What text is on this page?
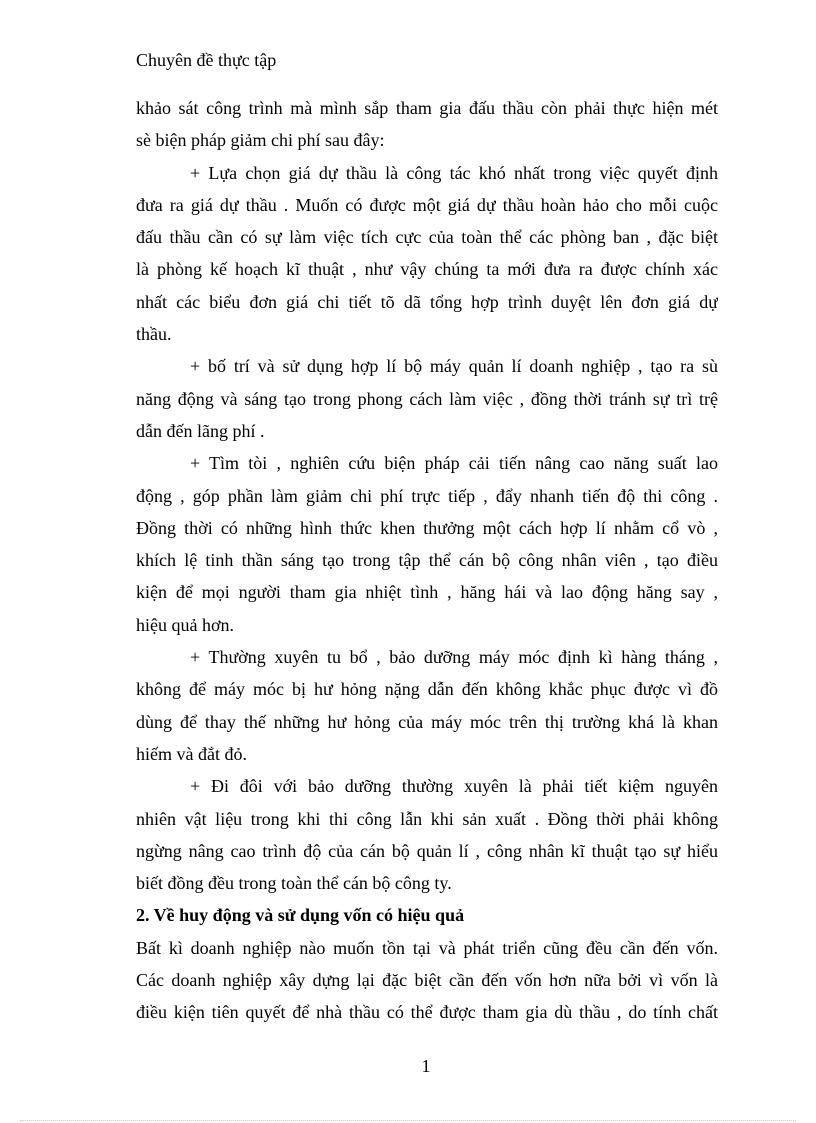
Chuyên đề thực tập
khảo sát công trình mà mình sắp tham gia đấu thầu còn phải thực hiện mét
sè biện pháp giảm chi phí sau đây:
+ Lựa chọn giá dự thầu là công tác khó nhất trong việc quyết định
đưa ra giá dự thầu . Muốn có được một giá dự thầu hoàn hảo cho mỗi cuộc
đấu thầu cần có sự làm việc tích cực của toàn thể các phòng ban , đặc biệt
là phòng kế hoạch kĩ thuật , như vậy chúng ta mới đưa ra được chính xác
nhất các biểu đơn giá chi tiết tõ dã tổng hợp trình duyệt lên đơn giá dự
thầu.
+ bố trí và sử dụng hợp lí bộ máy quản lí doanh nghiệp , tạo ra sù
năng động và sáng tạo trong phong cách làm việc , đồng thời tránh sự trì trệ
dẫn đến lãng phí .
+ Tìm tòi , nghiên cứu biện pháp cải tiến nâng cao năng suất lao
động , góp phần làm giảm chi phí trực tiếp , đẩy nhanh tiến độ thi công .
Đồng thời có những hình thức khen thưởng một cách hợp lí nhằm cổ vò ,
khích lệ tinh thần sáng tạo trong tập thể cán bộ công nhân viên , tạo điều
kiện để mọi người tham gia nhiệt tình , hăng hái và lao động hăng say ,
hiệu quả hơn.
+ Thường xuyên tu bổ , bảo dưỡng máy móc định kì hàng tháng ,
không để máy móc bị hư hỏng nặng dẫn đến không khắc phục được vì đồ
dùng để thay thế những hư hỏng của máy móc trên thị trường khá là khan
hiếm và đắt đỏ.
+ Đi đôi với bảo dưỡng thường xuyên là phải tiết kiệm nguyên
nhiên vật liệu trong khi thi công lẫn khi sản xuất . Đồng thời phải không
ngừng nâng cao trình độ của cán bộ quản lí , công nhân kĩ thuật tạo sự hiểu
biết đồng đều trong toàn thể cán bộ công ty.
2. Về huy động và sử dụng vốn có hiệu quả
Bất kì doanh nghiệp nào muốn tồn tại và phát triển cũng đều cần đến vốn.
Các doanh nghiệp xây dựng lại đặc biệt cần đến vốn hơn nữa bởi vì vốn là
điều kiện tiên quyết để nhà thầu có thể được tham gia dù thầu , do tính chất
1
